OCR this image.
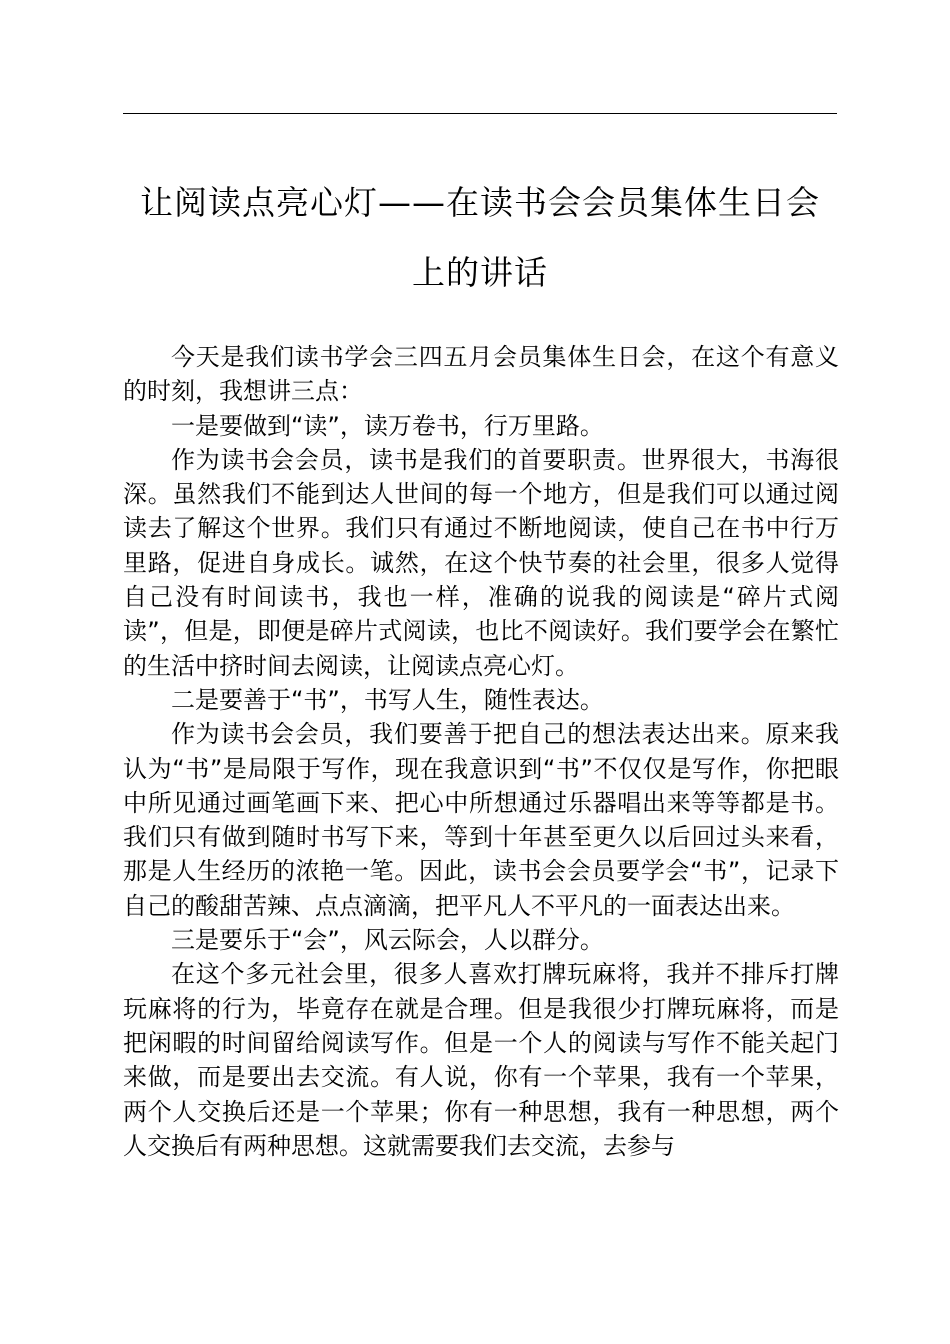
让阅读点亮心灯——在读书会会员集体生日会
上的讲话

今天是我们读书学会三四五月会员集体生日会，在这个有意义的时刻，我想讲三点：

一是要做到“读”，读万卷书，行万里路。

作为读书会会员，读书是我们的首要职责。世界很大，书海很深。虽然我们不能到达人世间的每一个地方，但是我们可以通过阅读去了解这个世界。我们只有通过不断地阅读，使自己在书中行万里路，促进自身成长。诚然，在这个快节奏的社会里，很多人觉得自己没有时间读书，我也一样，准确的说我的阅读是“碎片式阅读”，但是，即便是碎片式阅读，也比不阅读好。我们要学会在繁忙的生活中挤时间去阅读，让阅读点亮心灯。

二是要善于“书”，书写人生，随性表达。

作为读书会会员，我们要善于把自己的想法表达出来。原来我认为“书”是局限于写作，现在我意识到“书”不仅仅是写作，你把眼中所见通过画笔画下来、把心中所想通过乐器唱出来等等都是书。我们只有做到随时书写下来，等到十年甚至更久以后回过头来看，那是人生经历的浓艳一笔。因此，读书会会员要学会“书”，记录下自己的酸甜苦辣、点点滴滴，把平凡人不平凡的一面表达出来。

三是要乐于“会”，风云际会，人以群分。

在这个多元社会里，很多人喜欢打牌玩麻将，我并不排斥打牌玩麻将的行为，毕竟存在就是合理。但是我很少打牌玩麻将，而是把闲暇的时间留给阅读写作。但是一个人的阅读与写作不能关起门来做，而是要出去交流。有人说，你有一个苹果，我有一个苹果，两个人交换后还是一个苹果；你有一种思想，我有一种思想，两个人交换后有两种思想。这就需要我们去交流，去参与
